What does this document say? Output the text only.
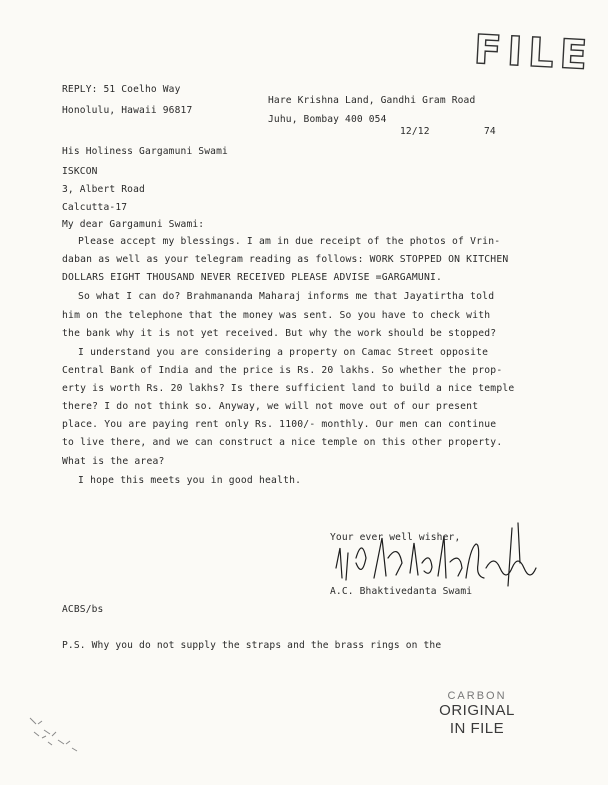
FILE
REPLY: 51 Coelho Way
Honolulu, Hawaii 96817
Hare Krishna Land, Gandhi Gram Road
Juhu, Bombay 400 054
12/12	74
His Holiness Gargamuni Swami
ISKCON
3, Albert Road
Calcutta-17
My dear Gargamuni Swami:
Please accept my blessings. I am in due receipt of the photos of Vrin-
daban as well as your telegram reading as follows: WORK STOPPED ON KITCHEN
DOLLARS EIGHT THOUSAND NEVER RECEIVED PLEASE ADVISE =GARGAMUNI.
So what I can do? Brahmananda Maharaj informs me that Jayatirtha told
him on the telephone that the money was sent. So you have to check with
the bank why it is not yet received. But why the work should be stopped?
I understand you are considering a property on Camac Street opposite
Central Bank of India and the price is Rs. 20 lakhs. So whether the prop-
erty is worth Rs. 20 lakhs? Is there sufficient land to build a nice temple
there? I do not think so. Anyway, we will not move out of our present
place. You are paying rent only Rs. 1100/- monthly. Our men can continue
to live there, and we can construct a nice temple on this other property.
What is the area?
I hope this meets you in good health.
Your ever well wisher,
A.C. Bhaktivedanta Swami
ACBS/bs
P.S. Why you do not supply the straps and the brass rings on the
CARBON
ORIGINAL
IN FILE
